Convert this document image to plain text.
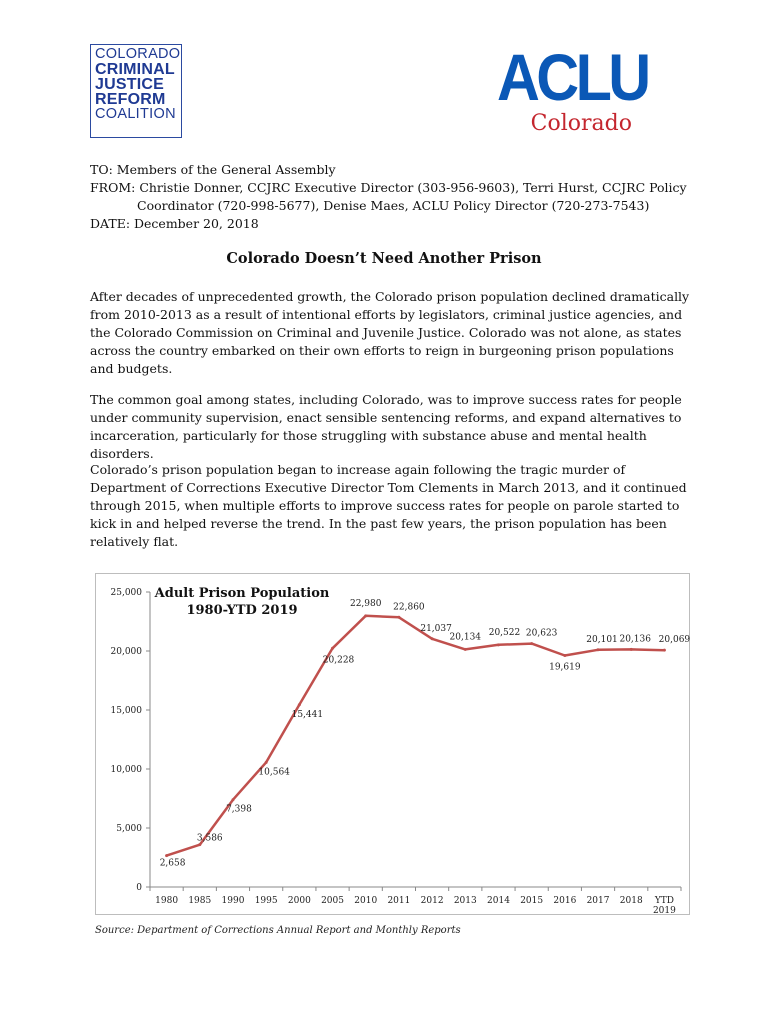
COLORADO
CRIMINAL
JUSTICE
REFORM
COALITION	ACLU
Colorado
TO: Members of the General Assembly
FROM: Christie Donner, CCJRC Executive Director (303-956-9603), Terri Hurst, CCJRC Policy
Coordinator (720-998-5677), Denise Maes, ACLU Policy Director (720-273-7543)
DATE: December 20, 2018
Colorado Doesn’t Need Another Prison
After decades of unprecedented growth, the Colorado prison population declined dramatically from 2010-2013 as a result of intentional efforts by legislators, criminal justice agencies, and the Colorado Commission on Criminal and Juvenile Justice. Colorado was not alone, as states across the country embarked on their own efforts to reign in burgeoning prison populations and budgets.
The common goal among states, including Colorado, was to improve success rates for people under community supervision, enact sensible sentencing reforms, and expand alternatives to incarceration, particularly for those struggling with substance abuse and mental health disorders.
Colorado’s prison population began to increase again following the tragic murder of Department of Corrections Executive Director Tom Clements in March 2013, and it continued through 2015, when multiple efforts to improve success rates for people on parole started to kick in and helped reverse the trend. In the past few years, the prison population has been relatively flat.
0
5,000
10,000
15,000
20,000
25,000
1980 1985 1990 1995 2000 2005 2010 2011 2012 2013 2014 2015 2016 2017 2018 YTD
2019
2,658
3,586
7,398
10,564
15,441
20,228
22,980 22,860
21,037
20,134 20,522 20,623
19,619
20,101 20,136 20,069
Adult Prison Population
1980-YTD 2019
Source: Department of Corrections Annual Report and Monthly Reports
